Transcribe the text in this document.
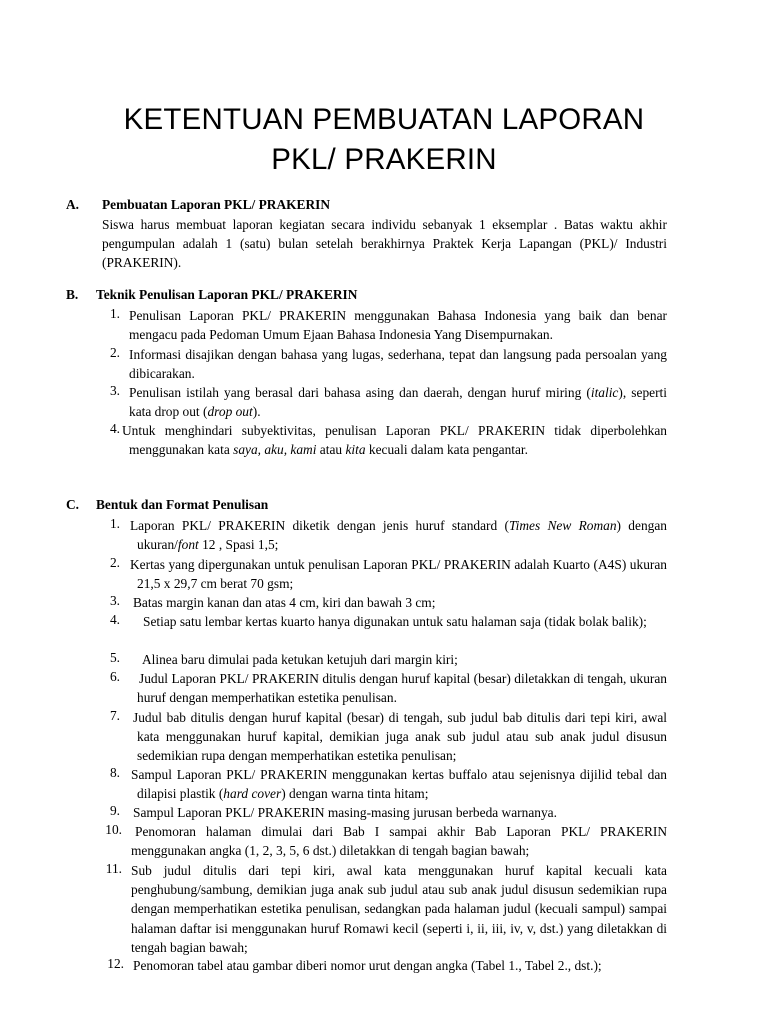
KETENTUAN PEMBUATAN LAPORAN
PKL/ PRAKERIN
A. Pembuatan Laporan PKL/ PRAKERIN
Siswa harus membuat laporan kegiatan secara individu sebanyak 1 eksemplar . Batas waktu akhir pengumpulan adalah 1 (satu) bulan setelah berakhirnya Praktek Kerja Lapangan (PKL)/ Industri (PRAKERIN).
B. Teknik Penulisan Laporan PKL/ PRAKERIN
1. Penulisan Laporan PKL/ PRAKERIN menggunakan Bahasa Indonesia yang baik dan benar mengacu pada Pedoman Umum Ejaan Bahasa Indonesia Yang Disempurnakan.
2. Informasi disajikan dengan bahasa yang lugas, sederhana, tepat dan langsung pada persoalan yang dibicarakan.
3. Penulisan istilah yang berasal dari bahasa asing dan daerah, dengan huruf miring (italic), seperti kata drop out (drop out).
4. Untuk menghindari subyektivitas, penulisan Laporan PKL/ PRAKERIN tidak diperbolehkan menggunakan kata saya, aku, kami atau kita kecuali dalam kata pengantar.
C. Bentuk dan Format Penulisan
1. Laporan PKL/ PRAKERIN diketik dengan jenis huruf standard (Times New Roman) dengan ukuran/font 12 , Spasi 1,5;
2. Kertas yang dipergunakan untuk penulisan Laporan PKL/ PRAKERIN adalah Kuarto (A4S) ukuran 21,5 x 29,7 cm berat 70 gsm;
3. Batas margin kanan dan atas 4 cm, kiri dan bawah 3 cm;
4.	Setiap satu lembar kertas kuarto hanya digunakan untuk satu halaman saja (tidak bolak balik);
5. Alinea baru dimulai pada ketukan ketujuh dari margin kiri;
6. Judul Laporan PKL/ PRAKERIN ditulis dengan huruf kapital (besar) diletakkan di tengah, ukuran huruf dengan memperhatikan estetika penulisan.
7. Judul bab ditulis dengan huruf kapital (besar) di tengah, sub judul bab ditulis dari tepi kiri, awal kata menggunakan huruf kapital, demikian juga anak sub judul atau sub anak judul disusun sedemikian rupa dengan memperhatikan estetika penulisan;
8. Sampul Laporan PKL/ PRAKERIN menggunakan kertas buffalo atau sejenisnya dijilid tebal dan dilapisi plastik (hard cover) dengan warna tinta hitam;
9. Sampul Laporan PKL/ PRAKERIN masing-masing jurusan berbeda warnanya.
10. Penomoran halaman dimulai dari Bab I sampai akhir Bab Laporan PKL/ PRAKERIN menggunakan angka (1, 2, 3, 5, 6 dst.) diletakkan di tengah bagian bawah;
11. Sub judul ditulis dari tepi kiri, awal kata menggunakan huruf kapital kecuali kata penghubung/sambung, demikian juga anak sub judul atau sub anak judul disusun sedemikian rupa dengan memperhatikan estetika penulisan, sedangkan pada halaman judul (kecuali sampul) sampai halaman daftar isi menggunakan huruf Romawi kecil (seperti i, ii, iii, iv, v, dst.) yang diletakkan di tengah bagian bawah;
12. Penomoran tabel atau gambar diberi nomor urut dengan angka (Tabel 1., Tabel 2., dst.);
